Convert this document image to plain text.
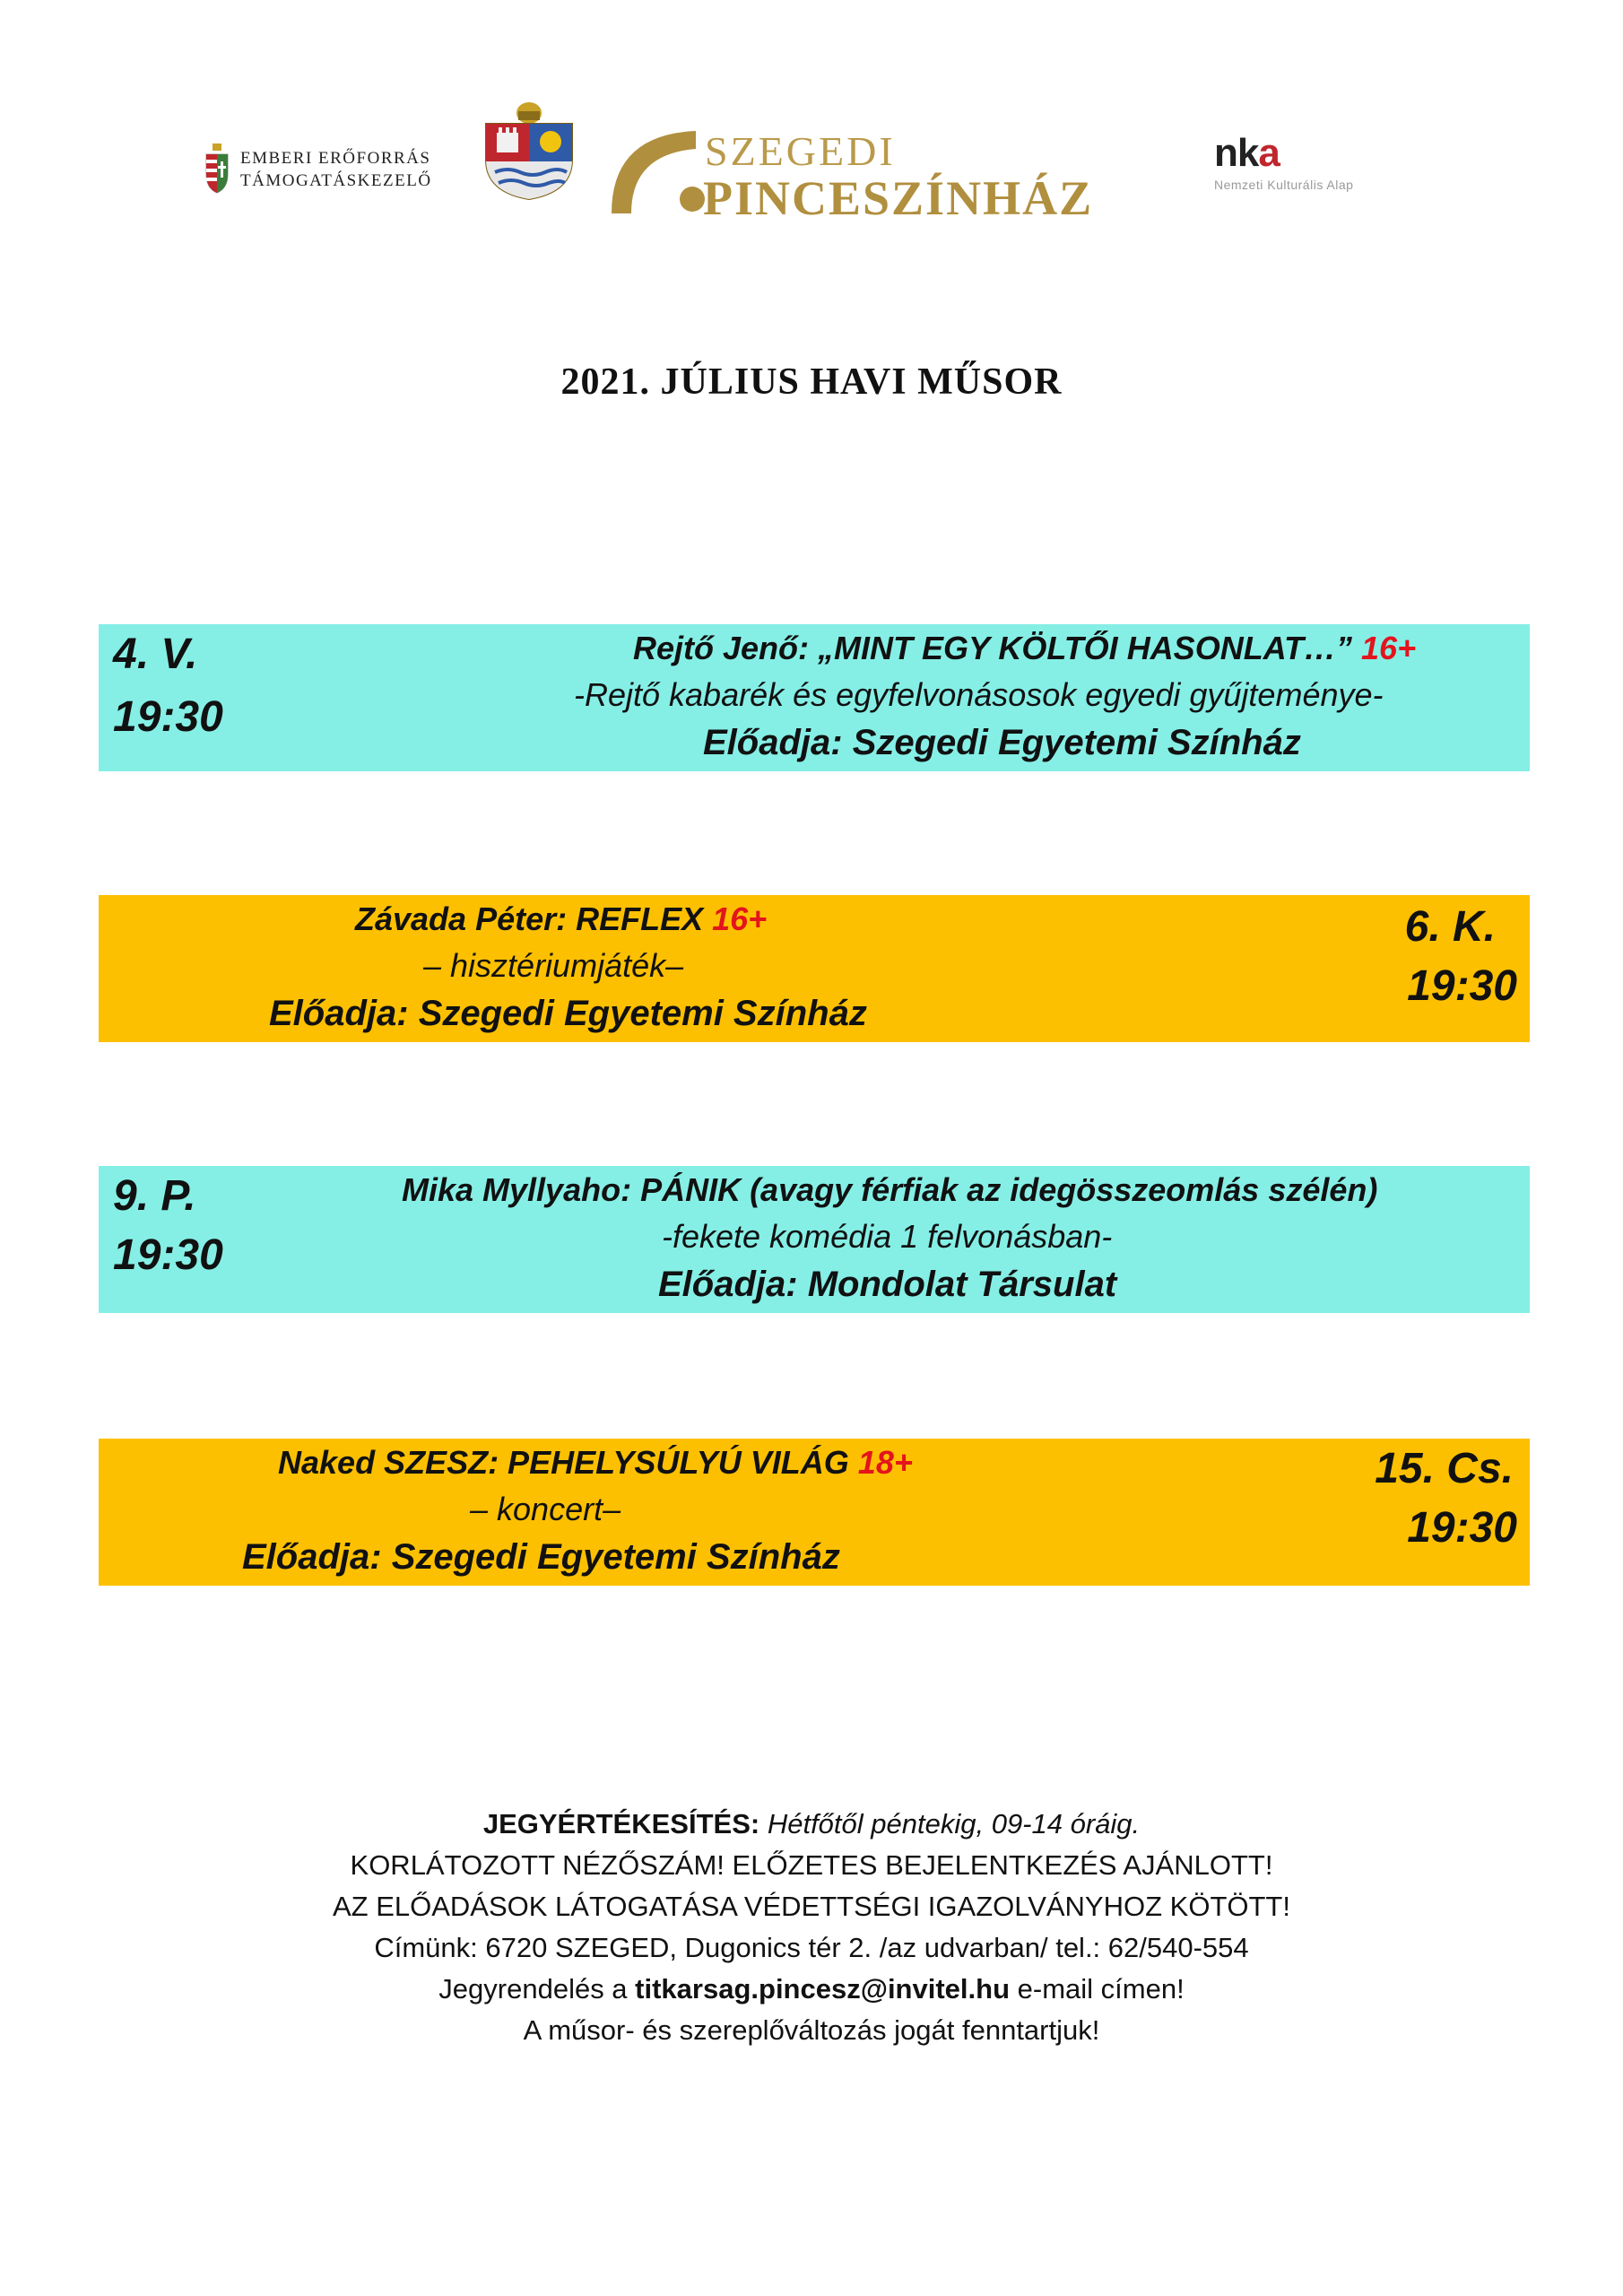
EMBERI ERŐFORRÁS
TÁMOGATÁSKEZELŐ
SZEGEDI
PINCESZÍNHÁZ
nka
Nemzeti Kulturális Alap
2021. JÚLIUS HAVI MŰSOR
4. V.
19:30
Rejtő Jenő: „MINT EGY KÖLTŐI HASONLAT…” 16+
-Rejtő kabarék és egyfelvonásosok egyedi gyűjteménye-
Előadja: Szegedi Egyetemi Színház
Závada Péter: REFLEX 16+
– hisztériumjáték–
Előadja: Szegedi Egyetemi Színház
6. K.
19:30
9. P.
19:30
Mika Myllyaho: PÁNIK (avagy férfiak az idegösszeomlás szélén)
-fekete komédia 1 felvonásban-
Előadja: Mondolat Társulat
Naked SZESZ: PEHELYSÚLYÚ VILÁG 18+
– koncert–
Előadja: Szegedi Egyetemi Színház
15. Cs.
19:30
JEGYÉRTÉKESÍTÉS: Hétfőtől péntekig, 09-14 óráig.
KORLÁTOZOTT NÉZŐSZÁM! ELŐZETES BEJELENTKEZÉS AJÁNLOTT!
AZ ELŐADÁSOK LÁTOGATÁSA VÉDETTSÉGI IGAZOLVÁNYHOZ KÖTÖTT!
Címünk: 6720 SZEGED, Dugonics tér 2. /az udvarban/ tel.: 62/540-554
Jegyrendelés a titkarsag.pincesz@invitel.hu e-mail címen!
A műsor- és szereplőváltozás jogát fenntartjuk!
